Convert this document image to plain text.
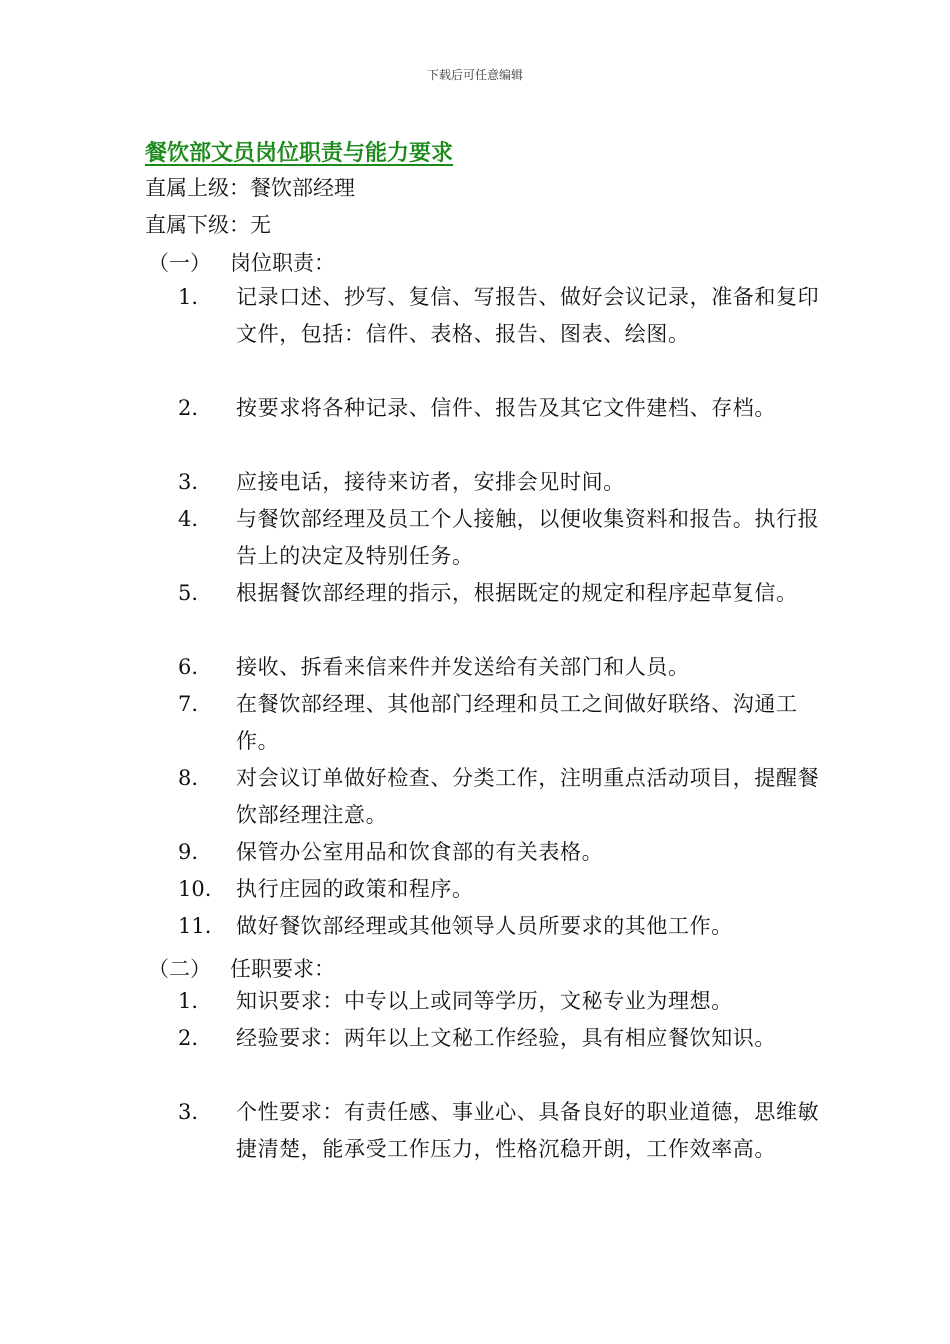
下载后可任意编辑
餐饮部文员岗位职责与能力要求
直属上级：餐饮部经理
直属下级：无
（一） 岗位职责：
1.	记录口述、抄写、复信、写报告、做好会议记录，准备和复印文件，包括：信件、表格、报告、图表、绘图。
2.	按要求将各种记录、信件、报告及其它文件建档、存档。
3.	应接电话，接待来访者，安排会见时间。
4.	与餐饮部经理及员工个人接触，以便收集资料和报告。执行报告上的决定及特别任务。
5.	根据餐饮部经理的指示，根据既定的规定和程序起草复信。
6.	接收、拆看来信来件并发送给有关部门和人员。
7.	在餐饮部经理、其他部门经理和员工之间做好联络、沟通工作。
8.	对会议订单做好检查、分类工作，注明重点活动项目，提醒餐饮部经理注意。
9.	保管办公室用品和饮食部的有关表格。
10.	执行庄园的政策和程序。
11.	做好餐饮部经理或其他领导人员所要求的其他工作。
（二） 任职要求：
1.	知识要求：中专以上或同等学历，文秘专业为理想。
2.	经验要求：两年以上文秘工作经验，具有相应餐饮知识。
3.	个性要求：有责任感、事业心、具备良好的职业道德，思维敏捷清楚，能承受工作压力，性格沉稳开朗，工作效率高。
